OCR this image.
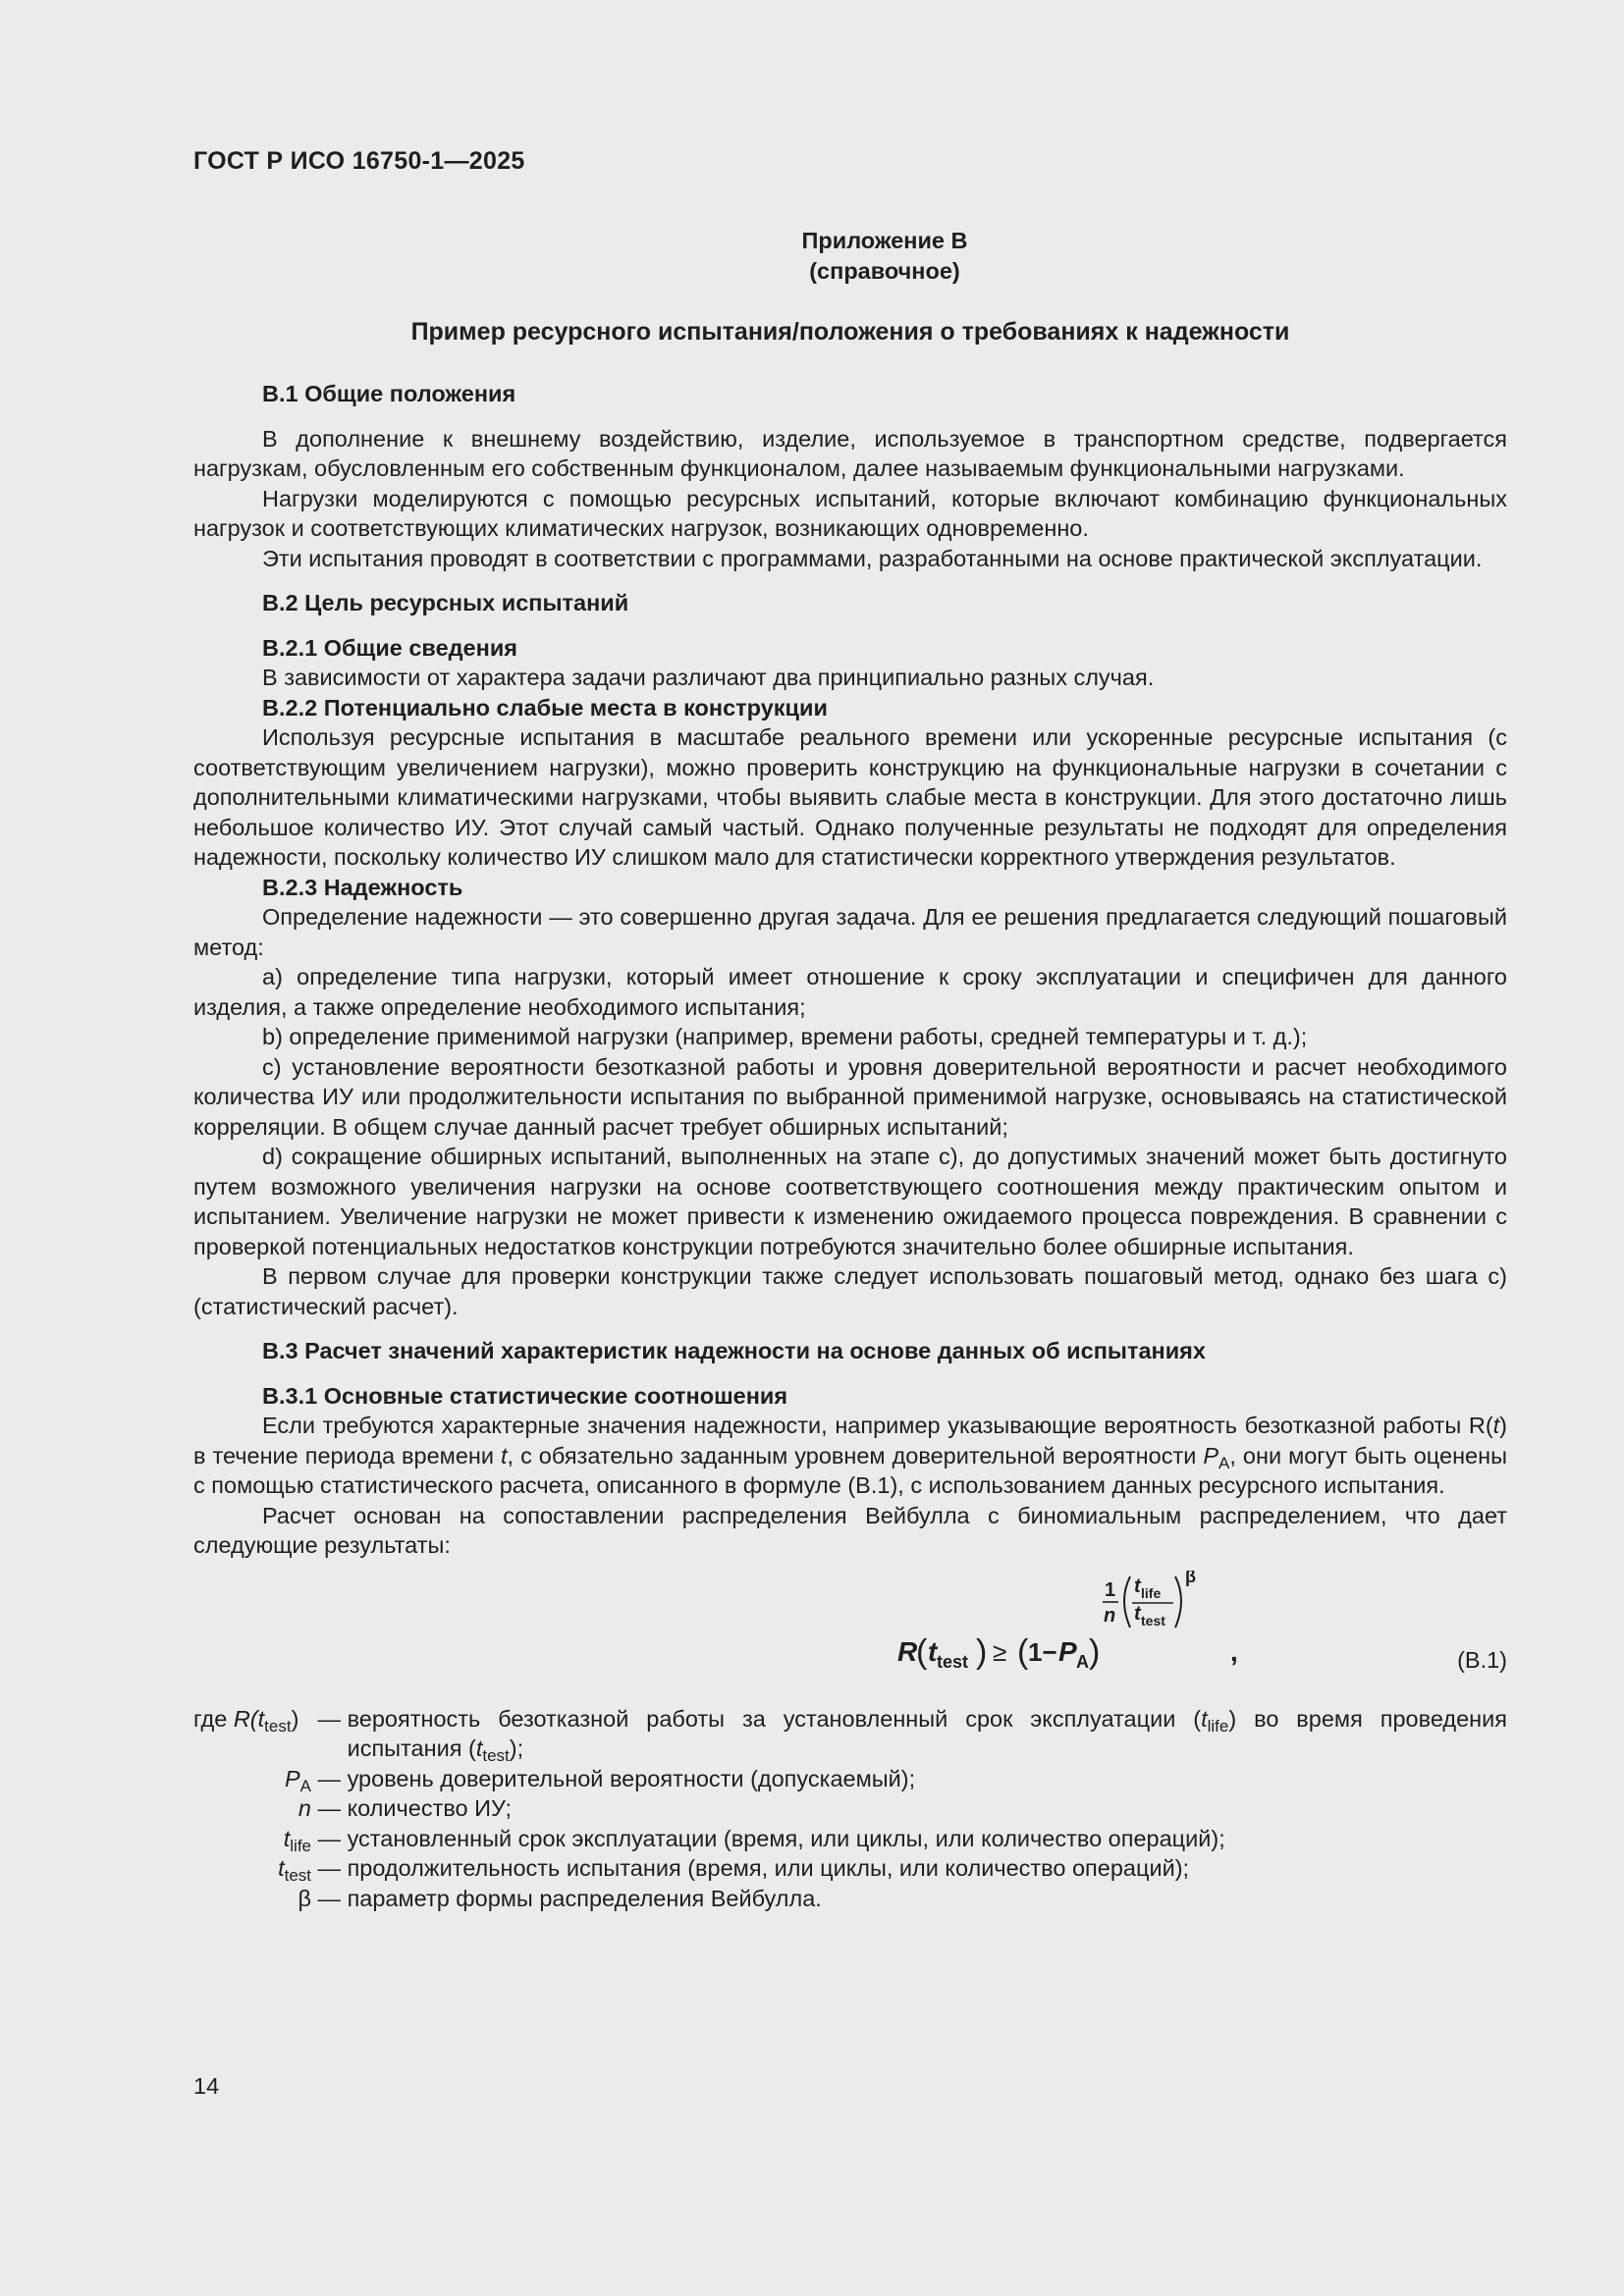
ГОСТ Р ИСО 16750-1—2025
Приложение В
(справочное)
Пример ресурсного испытания/положения о требованиях к надежности

В.1 Общие положения

В дополнение к внешнему воздействию, изделие, используемое в транспортном средстве, подвергается нагрузкам, обусловленным его собственным функционалом, далее называемым функциональными нагрузками.

Нагрузки моделируются с помощью ресурсных испытаний, которые включают комбинацию функциональных нагрузок и соответствующих климатических нагрузок, возникающих одновременно.

Эти испытания проводят в соответствии с программами, разработанными на основе практической эксплуатации.

В.2 Цель ресурсных испытаний

В.2.1 Общие сведения

В зависимости от характера задачи различают два принципиально разных случая.

В.2.2 Потенциально слабые места в конструкции

Используя ресурсные испытания в масштабе реального времени или ускоренные ресурсные испытания (с соответствующим увеличением нагрузки), можно проверить конструкцию на функциональные нагрузки в сочетании с дополнительными климатическими нагрузками, чтобы выявить слабые места в конструкции. Для этого достаточно лишь небольшое количество ИУ. Этот случай самый частый. Однако полученные результаты не подходят для определения надежности, поскольку количество ИУ слишком мало для статистически корректного утверждения результатов.

В.2.3 Надежность

Определение надежности — это совершенно другая задача. Для ее решения предлагается следующий пошаговый метод:

а) определение типа нагрузки, который имеет отношение к сроку эксплуатации и специфичен для данного изделия, а также определение необходимого испытания;

b) определение применимой нагрузки (например, времени работы, средней температуры и т. д.);

с) установление вероятности безотказной работы и уровня доверительной вероятности и расчет необходимого количества ИУ или продолжительности испытания по выбранной применимой нагрузке, основываясь на статистической корреляции. В общем случае данный расчет требует обширных испытаний;

d) сокращение обширных испытаний, выполненных на этапе с), до допустимых значений может быть достигнуто путем возможного увеличения нагрузки на основе соответствующего соотношения между практическим опытом и испытанием. Увеличение нагрузки не может привести к изменению ожидаемого процесса повреждения. В сравнении с проверкой потенциальных недостатков конструкции потребуются значительно более обширные испытания.

В первом случае для проверки конструкции также следует использовать пошаговый метод, однако без шага с) (статистический расчет).

В.3 Расчет значений характеристик надежности на основе данных об испытаниях

В.3.1 Основные статистические соотношения

Если требуются характерные значения надежности, например указывающие вероятность безотказной работы R(t) в течение периода времени t, с обязательно заданным уровнем доверительной вероятности $P_A$, они могут быть оценены с помощью статистического расчета, описанного в формуле (В.1), с использованием данных ресурсного испытания.

Расчет основан на сопоставлении распределения Вейбулла с биномиальным распределением, что дает следующие результаты:

R
( t test ) ≥ ( 1− P A )
1
n
t life
t test
β
,	(В.1)
где $R(t_{test})$ — вероятность безотказной работы за установленный срок эксплуатации $(t_{life})$ во время проведения испытания $(t_{test})$;
$P_A$ — уровень доверительной вероятности (допускаемый);
n — количество ИУ;
$t_{life}$ — установленный срок эксплуатации (время, или циклы, или количество операций);
$t_{test}$ — продолжительность испытания (время, или циклы, или количество операций);
β — параметр формы распределения Вейбулла.
14
